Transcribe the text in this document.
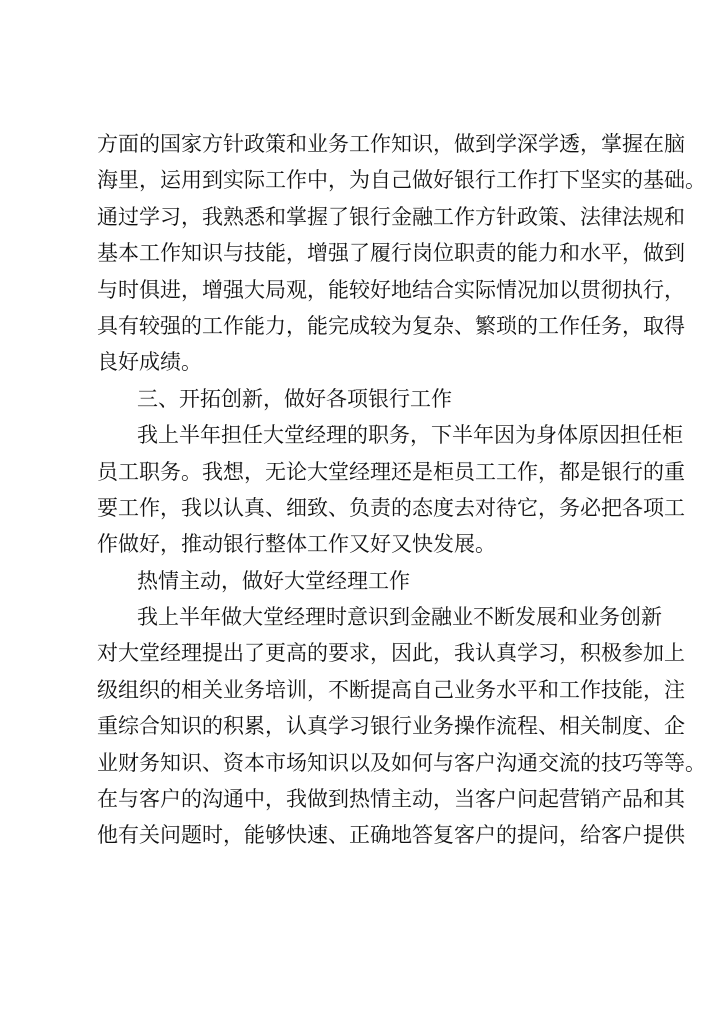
方面的国家方针政策和业务工作知识，做到学深学透，掌握在脑
海里，运用到实际工作中，为自己做好银行工作打下坚实的基础。
通过学习，我熟悉和掌握了银行金融工作方针政策、法律法规和
基本工作知识与技能，增强了履行岗位职责的能力和水平，做到
与时俱进，增强大局观，能较好地结合实际情况加以贯彻执行，
具有较强的工作能力，能完成较为复杂、繁琐的工作任务，取得
良好成绩。
三、开拓创新，做好各项银行工作
我上半年担任大堂经理的职务，下半年因为身体原因担任柜
员工职务。我想，无论大堂经理还是柜员工工作，都是银行的重
要工作，我以认真、细致、负责的态度去对待它，务必把各项工
作做好，推动银行整体工作又好又快发展。
热情主动，做好大堂经理工作
我上半年做大堂经理时意识到金融业不断发展和业务创新
对大堂经理提出了更高的要求，因此，我认真学习，积极参加上
级组织的相关业务培训，不断提高自己业务水平和工作技能，注
重综合知识的积累，认真学习银行业务操作流程、相关制度、企
业财务知识、资本市场知识以及如何与客户沟通交流的技巧等等。
在与客户的沟通中，我做到热情主动，当客户问起营销产品和其
他有关问题时，能够快速、正确地答复客户的提问，给客户提供
